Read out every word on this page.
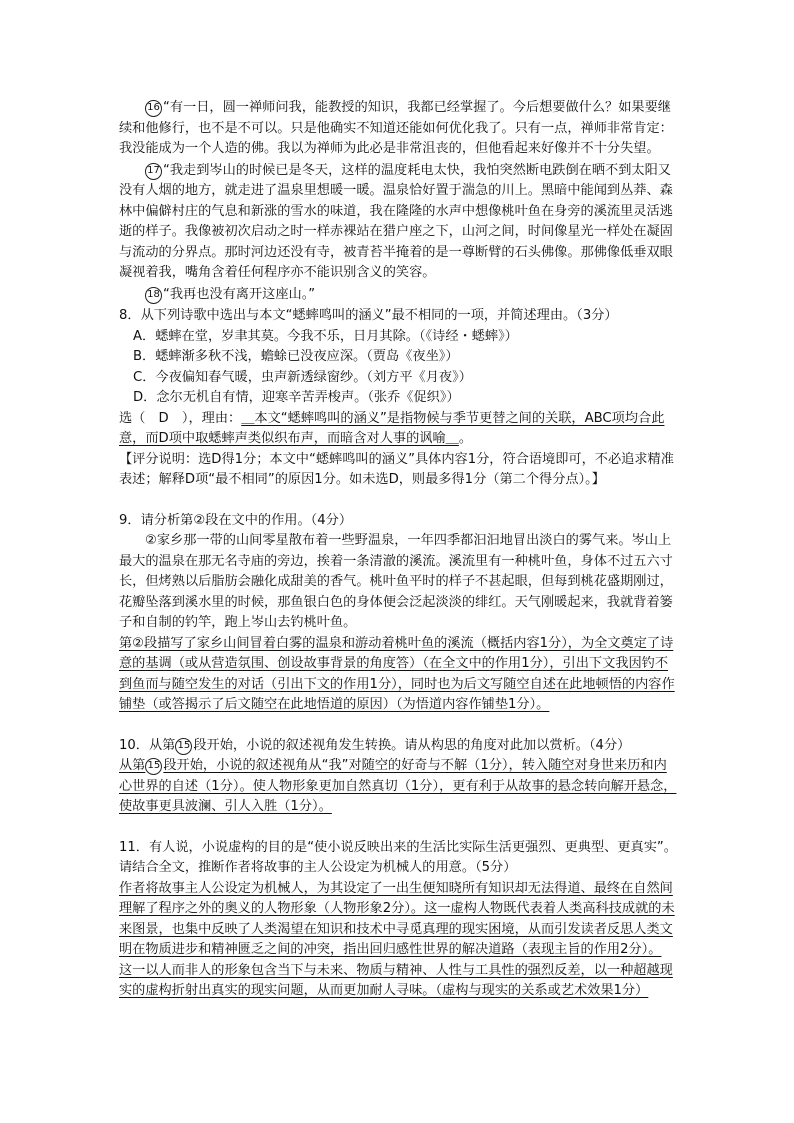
16 “有一日，圆一禅师问我，能教授的知识，我都已经掌握了。今后想要做什么？如果要继续和他修行，也不是不可以。只是他确实不知道还能如何优化我了。只有一点，禅师非常肯定：我没能成为一个人造的佛。我以为禅师为此必是非常沮丧的，但他看起来好像并不十分失望。

17 “我走到岑山的时候已是冬天，这样的温度耗电太快，我怕突然断电跌倒在晒不到太阳又没有人烟的地方，就走进了温泉里想暖一暖。温泉恰好置于湍急的川上。黑暗中能闻到丛莽、森林中偏僻村庄的气息和新涨的雪水的味道，我在隆隆的水声中想像桃叶鱼在身旁的溪流里灵活逃逝的样子。我像被初次启动之时一样赤裸站在猎户座之下，山河之间，时间像星光一样处在凝固与流动的分界点。那时河边还没有寺，被青苔半掩着的是一尊断臂的石头佛像。那佛像低垂双眼凝视着我，嘴角含着任何程序亦不能识别含义的笑容。

18 “我再也没有离开这座山。”

8．从下列诗歌中选出与本文“蟋蟀鸣叫的涵义”最不相同的一项，并简述理由。（3分）

A．蟋蟀在堂，岁聿其莫。今我不乐，日月其除。（《诗经・蟋蟀》）

B．蟋蟀渐多秋不浅，蟾蜍已没夜应深。（贾岛《夜坐》）

C．今夜偏知春气暖，虫声新透绿窗纱。（刘方平《月夜》）

D．念尔无机自有情，迎寒辛苦弄梭声。（张乔《促织》）

选（　D　），理由：＿本文“蟋蟀鸣叫的涵义”是指物候与季节更替之间的关联，ABC项均合此意，而D项中取蟋蟀声类似织布声，而暗含对人事的讽喻＿。

【评分说明：选D得1分；本文中“蟋蟀鸣叫的涵义”具体内容1分，符合语境即可，不必追求精准表述；解释D项“最不相同”的原因1分。如未选D，则最多得1分（第二个得分点）。】

9．请分析第②段在文中的作用。（4分）

②家乡那一带的山间零星散布着一些野温泉，一年四季都汩汩地冒出淡白的雾气来。岑山上最大的温泉在那无名寺庙的旁边，挨着一条清澈的溪流。溪流里有一种桃叶鱼，身体不过五六寸长，但烤熟以后脂肪会融化成甜美的香气。桃叶鱼平时的样子不甚起眼，但每到桃花盛期刚过，花瓣坠落到溪水里的时候，那鱼银白色的身体便会泛起淡淡的绯红。天气刚暖起来，我就背着篓子和自制的钓竿，跑上岑山去钓桃叶鱼。

第②段描写了家乡山间冒着白雾的温泉和游动着桃叶鱼的溪流（概括内容1分），为全文奠定了诗意的基调（或从营造氛围、创设故事背景的角度答）（在全文中的作用1分），引出下文我因钓不到鱼而与随空发生的对话（引出下文的作用1分），同时也为后文写随空自述在此地顿悟的内容作铺垫（或答揭示了后文随空在此地悟道的原因）（为悟道内容作铺垫1分）。

10．从第 15 段开始，小说的叙述视角发生转换。请从构思的角度对此加以赏析。（4分）

从第 15 段开始，小说的叙述视角从“我”对随空的好奇与不解（1分），转入随空对身世来历和内心世界的自述（1分）。使人物形象更加自然真切（1分），更有利于从故事的悬念转向解开悬念，使故事更具波澜、引人入胜（1分）。

11．有人说，小说虚构的目的是“使小说反映出来的生活比实际生活更强烈、更典型、更真实”。请结合全文，推断作者将故事的主人公设定为机械人的用意。（5分）

作者将故事主人公设定为机械人，为其设定了一出生便知晓所有知识却无法得道、最终在自然间理解了程序之外的奥义的人物形象（人物形象2分）。这一虚构人物既代表着人类高科技成就的未来图景，也集中反映了人类渴望在知识和技术中寻觅真理的现实困境，从而引发读者反思人类文明在物质进步和精神匮乏之间的冲突，指出回归感性世界的解决道路（表现主旨的作用2分）。

这一以人而非人的形象包含当下与未来、物质与精神、人性与工具性的强烈反差，以一种超越现实的虚构折射出真实的现实问题，从而更加耐人寻味。（虚构与现实的关系或艺术效果1分）
